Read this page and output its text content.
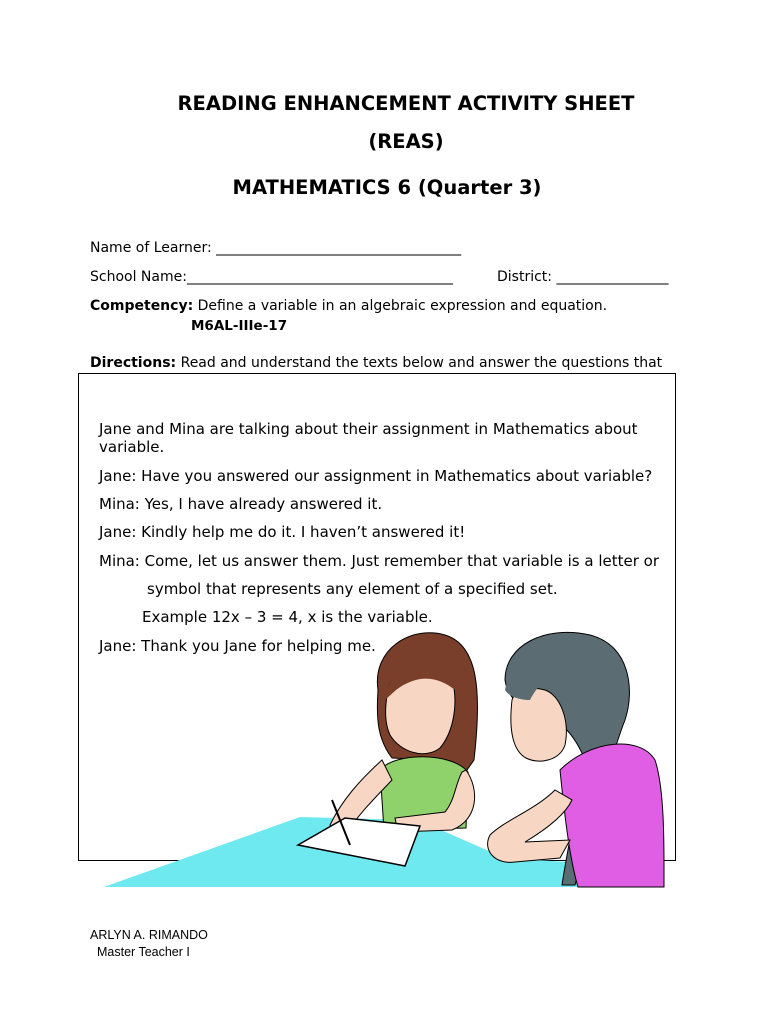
READING ENHANCEMENT ACTIVITY SHEET
(REAS)
MATHEMATICS 6 (Quarter 3)
Name of Learner: ___________________________________
School Name:______________________________________	District: ________________
Competency: Define a variable in an algebraic expression and equation.
M6AL-IIIe-17
Directions: Read and understand the texts below and answer the questions that
Jane and Mina are talking about their assignment in Mathematics about
variable.
Jane: Have you answered our assignment in Mathematics about variable?
Mina: Yes, I have already answered it.
Jane: Kindly help me do it. I haven’t answered it!
Mina: Come, let us answer them. Just remember that variable is a letter or
symbol that represents any element of a specified set.
Example 12x – 3 = 4, x is the variable.
Jane: Thank you Jane for helping me.
ARLYN A. RIMANDO
Master Teacher I
